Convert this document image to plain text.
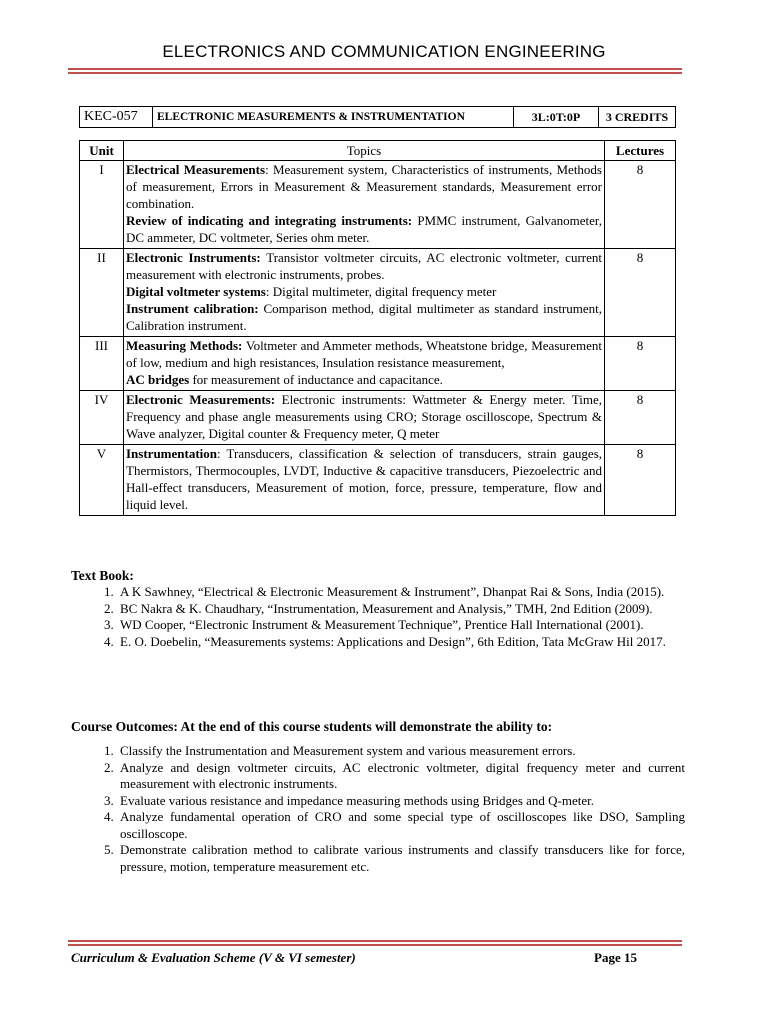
ELECTRONICS AND COMMUNICATION ENGINEERING
KEC-057	ELECTRONIC MEASUREMENTS & INSTRUMENTATION	3L:0T:0P	3 CREDITS
Unit	Topics	Lectures
I	Electrical Measurements: Measurement system, Characteristics of instruments, Methods of measurement, Errors in Measurement & Measurement standards, Measurement error combination.
Review of indicating and integrating instruments: PMMC instrument, Galvanometer, DC ammeter, DC voltmeter, Series ohm meter.	8
II	Electronic Instruments: Transistor voltmeter circuits, AC electronic voltmeter, current measurement with electronic instruments, probes.
Digital voltmeter systems: Digital multimeter, digital frequency meter
Instrument calibration: Comparison method, digital multimeter as standard instrument, Calibration instrument.	8
III	Measuring Methods: Voltmeter and Ammeter methods, Wheatstone bridge, Measurement of low, medium and high resistances, Insulation resistance measurement,
AC bridges for measurement of inductance and capacitance.	8
IV	Electronic Measurements: Electronic instruments: Wattmeter & Energy meter. Time, Frequency and phase angle measurements using CRO; Storage oscilloscope, Spectrum & Wave analyzer, Digital counter & Frequency meter, Q meter	8
V	Instrumentation: Transducers, classification & selection of transducers, strain gauges, Thermistors, Thermocouples, LVDT, Inductive & capacitive transducers, Piezoelectric and Hall-effect transducers, Measurement of motion, force, pressure, temperature, flow and liquid level.	8
Text Book:
1. A K Sawhney, “Electrical & Electronic Measurement & Instrument”, Dhanpat Rai & Sons, India (2015).
2. BC Nakra & K. Chaudhary, “Instrumentation, Measurement and Analysis,” TMH, 2nd Edition (2009).
3. WD Cooper, “Electronic Instrument & Measurement Technique”, Prentice Hall International (2001).
4. E. O. Doebelin, “Measurements systems: Applications and Design”, 6th Edition, Tata McGraw Hil 2017.
Course Outcomes: At the end of this course students will demonstrate the ability to:
1. Classify the Instrumentation and Measurement system and various measurement errors.
2. Analyze and design voltmeter circuits, AC electronic voltmeter, digital frequency meter and current measurement with electronic instruments.
3. Evaluate various resistance and impedance measuring methods using Bridges and Q-meter.
4. Analyze fundamental operation of CRO and some special type of oscilloscopes like DSO, Sampling oscilloscope.
5. Demonstrate calibration method to calibrate various instruments and classify transducers like for force, pressure, motion, temperature measurement etc.
Curriculum & Evaluation Scheme (V & VI semester)	Page 15
